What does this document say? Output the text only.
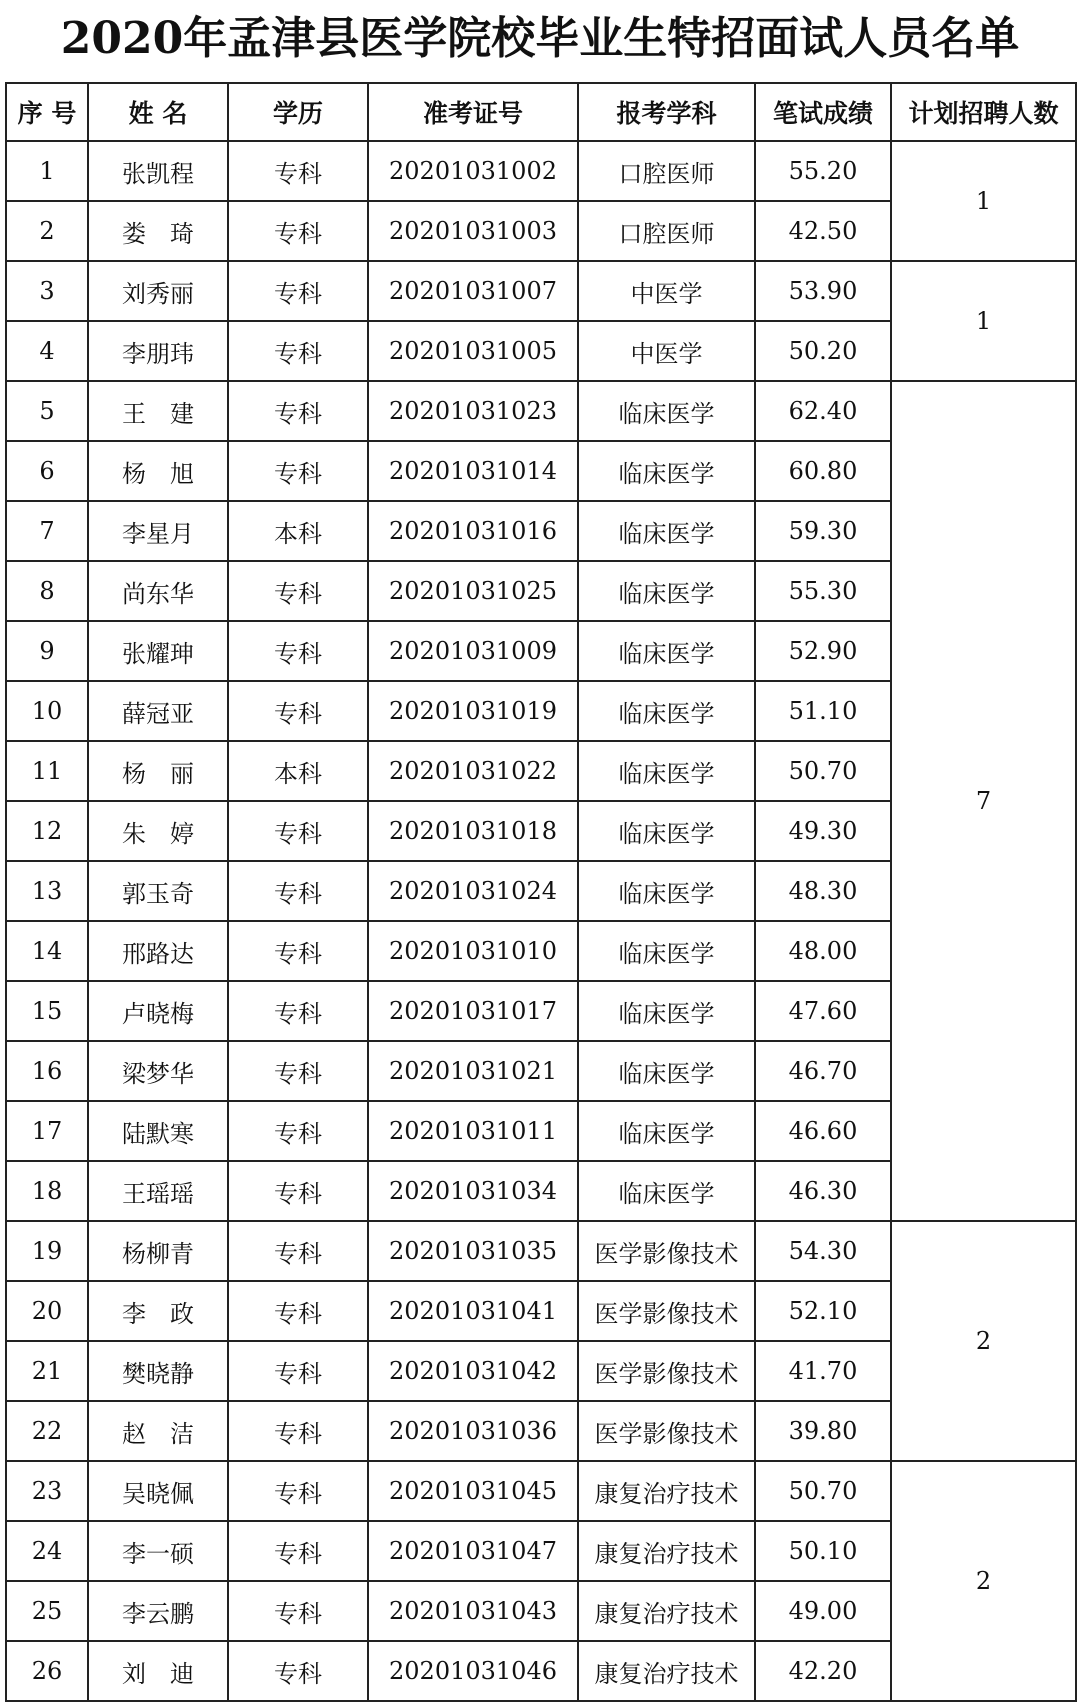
2020年孟津县医学院校毕业生特招面试人员名单
序 号	姓 名	学历	准考证号	报考学科	笔试成绩	计划招聘人数
1	张凯程	专科	20201031002	口腔医师	55.20	1
2	娄　琦	专科	20201031003	口腔医师	42.50	
3	刘秀丽	专科	20201031007	中医学	53.90	1
4	李朋玮	专科	20201031005	中医学	50.20	
5	王　建	专科	20201031023	临床医学	62.40	7
6	杨　旭	专科	20201031014	临床医学	60.80	
7	李星月	本科	20201031016	临床医学	59.30	
8	尚东华	专科	20201031025	临床医学	55.30	
9	张耀珅	专科	20201031009	临床医学	52.90	
10	薛冠亚	专科	20201031019	临床医学	51.10	
11	杨　丽	本科	20201031022	临床医学	50.70	
12	朱　婷	专科	20201031018	临床医学	49.30	
13	郭玉奇	专科	20201031024	临床医学	48.30	
14	邢路达	专科	20201031010	临床医学	48.00	
15	卢晓梅	专科	20201031017	临床医学	47.60	
16	梁梦华	专科	20201031021	临床医学	46.70	
17	陆默寒	专科	20201031011	临床医学	46.60	
18	王瑶瑶	专科	20201031034	临床医学	46.30	
19	杨柳青	专科	20201031035	医学影像技术	54.30	2
20	李　政	专科	20201031041	医学影像技术	52.10	
21	樊晓静	专科	20201031042	医学影像技术	41.70	
22	赵　洁	专科	20201031036	医学影像技术	39.80	
23	吴晓佩	专科	20201031045	康复治疗技术	50.70	2
24	李一硕	专科	20201031047	康复治疗技术	50.10	
25	李云鹏	专科	20201031043	康复治疗技术	49.00	
26	刘　迪	专科	20201031046	康复治疗技术	42.20	
